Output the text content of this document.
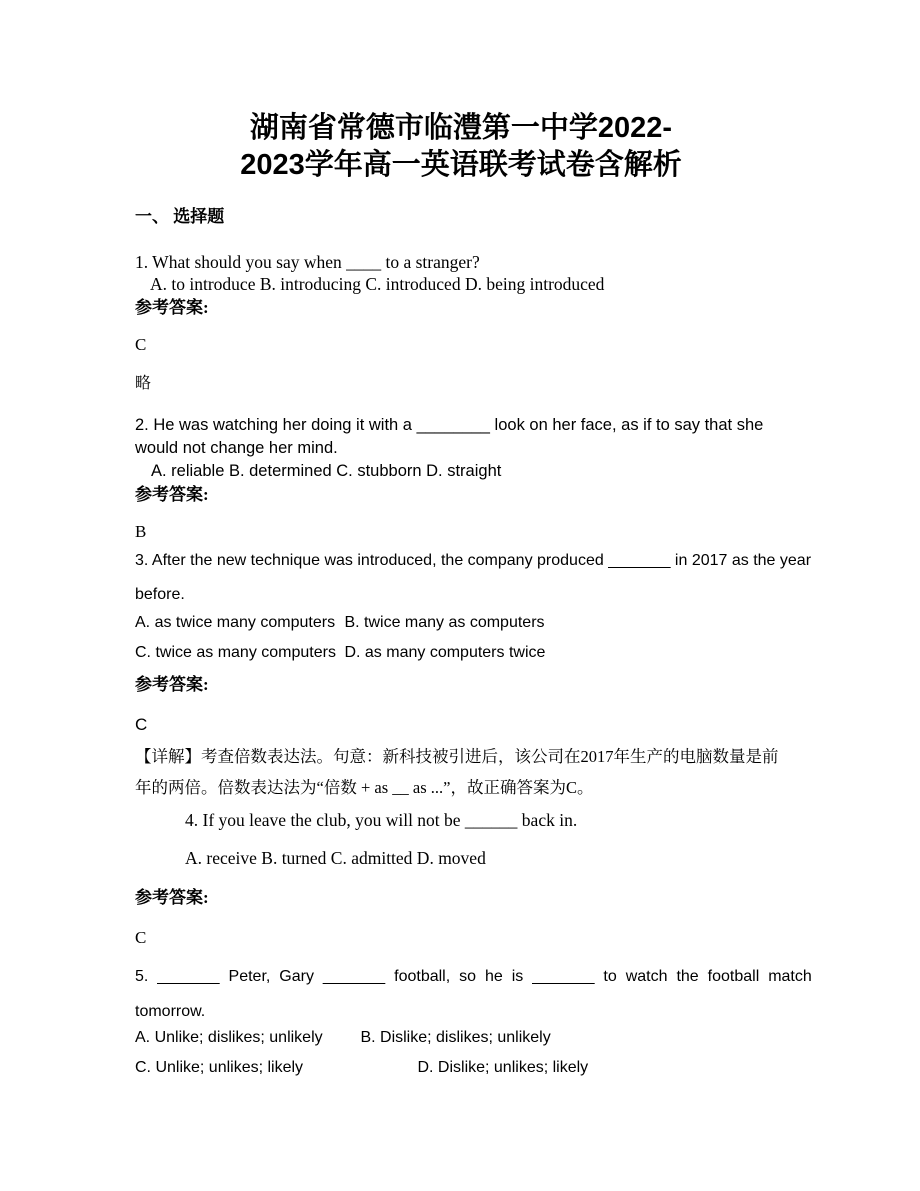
湖南省常德市临澧第一中学2022-
2023学年高一英语联考试卷含解析
一、 选择题
1. What should you say when ____ to a stranger?
A. to introduce B. introducing C. introduced D. being introduced
参考答案:
C
略
2. He was watching her doing it with a ________ look on her face, as if to say that she
would not change her mind.
A. reliable B. determined C. stubborn D. straight
参考答案:
B
3. After the new technique was introduced, the company produced _______ in 2017 as the year
before.
A. as twice many computers B. twice many as computers
C. twice as many computers D. as many computers twice
参考答案:
C
【详解】考查倍数表达法。句意：新科技被引进后，该公司在2017年生产的电脑数量是前
年的两倍。倍数表达法为“倍数 + as __ as ...”，故正确答案为C。
4. If you leave the club, you will not be ______ back in.
A. receive B. turned C. admitted D. moved
参考答案:
C
5. _______ Peter, Gary _______ football, so he is _______ to watch the football match
tomorrow.
A. Unlike; dislikes; unlikely B. Dislike; dislikes; unlikely
C. Unlike; unlikes; likely	D. Dislike; unlikes; likely
